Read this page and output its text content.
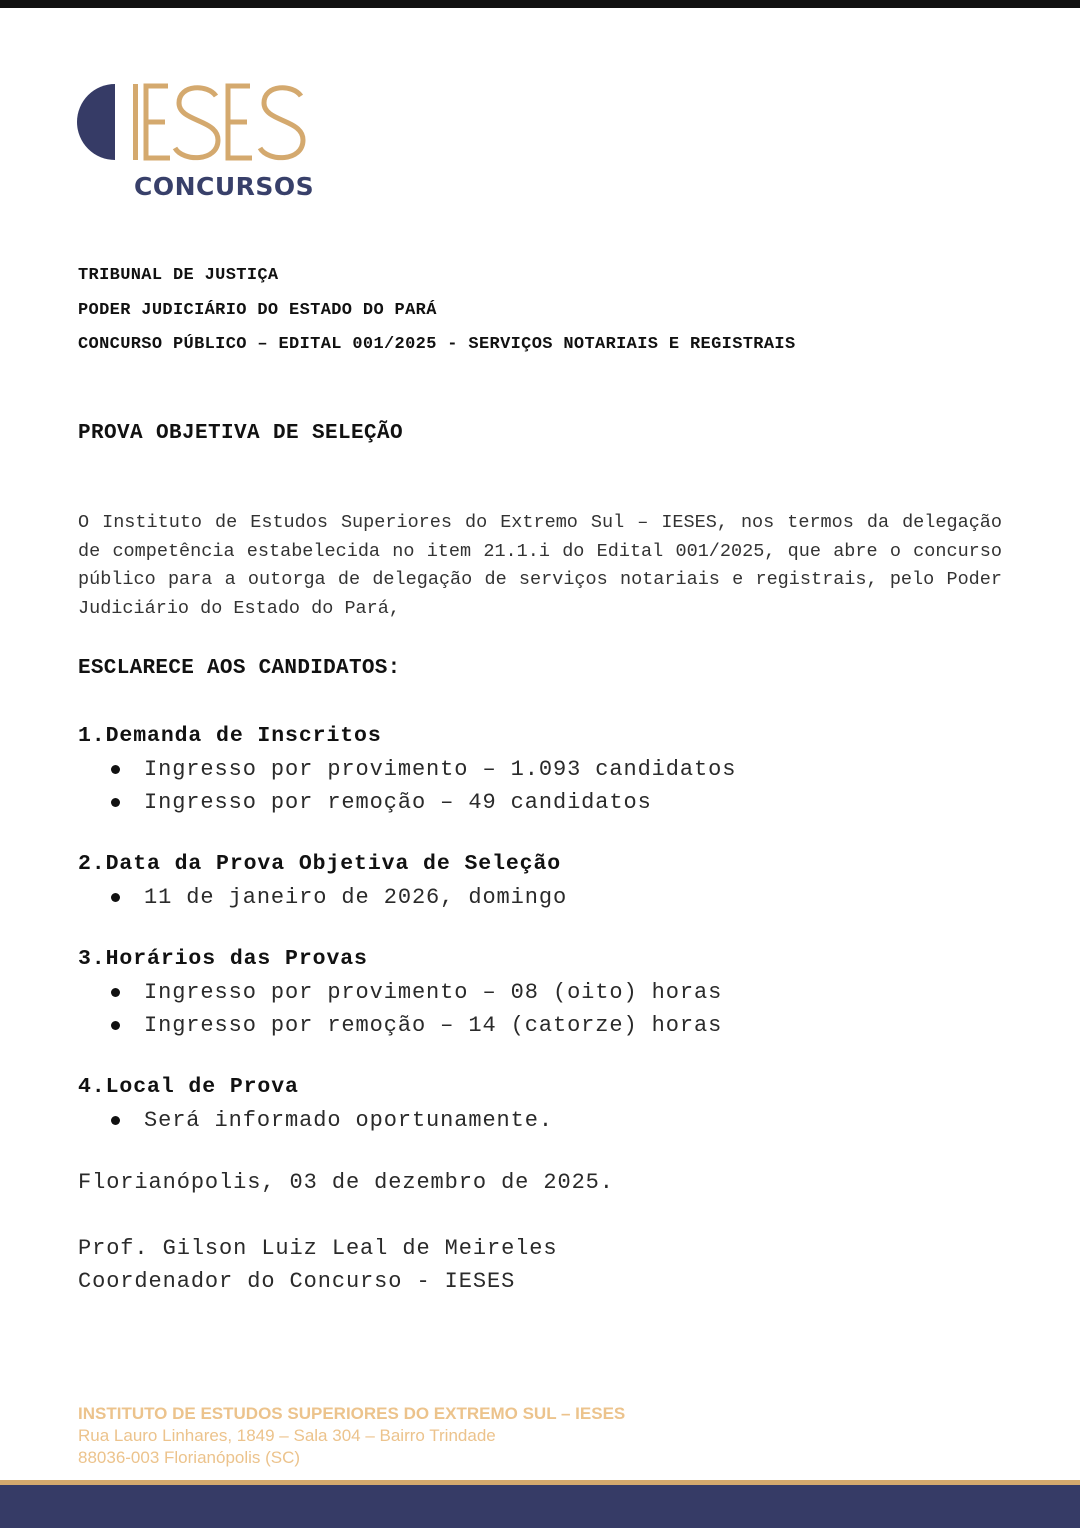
CONCURSOS
TRIBUNAL DE JUSTIÇA
PODER JUDICIÁRIO DO ESTADO DO PARÁ
CONCURSO PÚBLICO – EDITAL 001/2025 - SERVIÇOS NOTARIAIS E REGISTRAIS
PROVA OBJETIVA DE SELEÇÃO

O Instituto de Estudos Superiores do Extremo Sul – IESES, nos termos da delegação de competência estabelecida no item 21.1.i do Edital 001/2025, que abre o concurso público para a outorga de delegação de serviços notariais e registrais, pelo Poder Judiciário do Estado do Pará,

ESCLARECE AOS CANDIDATOS:
1.Demanda de Inscritos
Ingresso por provimento – 1.093 candidatos
Ingresso por remoção – 49 candidatos
2.Data da Prova Objetiva de Seleção
11 de janeiro de 2026, domingo
3.Horários das Provas
Ingresso por provimento – 08 (oito) horas
Ingresso por remoção – 14 (catorze) horas
4.Local de Prova
Será informado oportunamente.
Florianópolis, 03 de dezembro de 2025.
Prof. Gilson Luiz Leal de Meireles
Coordenador do Concurso - IESES
INSTITUTO DE ESTUDOS SUPERIORES DO EXTREMO SUL – IESES
Rua Lauro Linhares, 1849 – Sala 304 – Bairro Trindade
88036-003 Florianópolis (SC)
